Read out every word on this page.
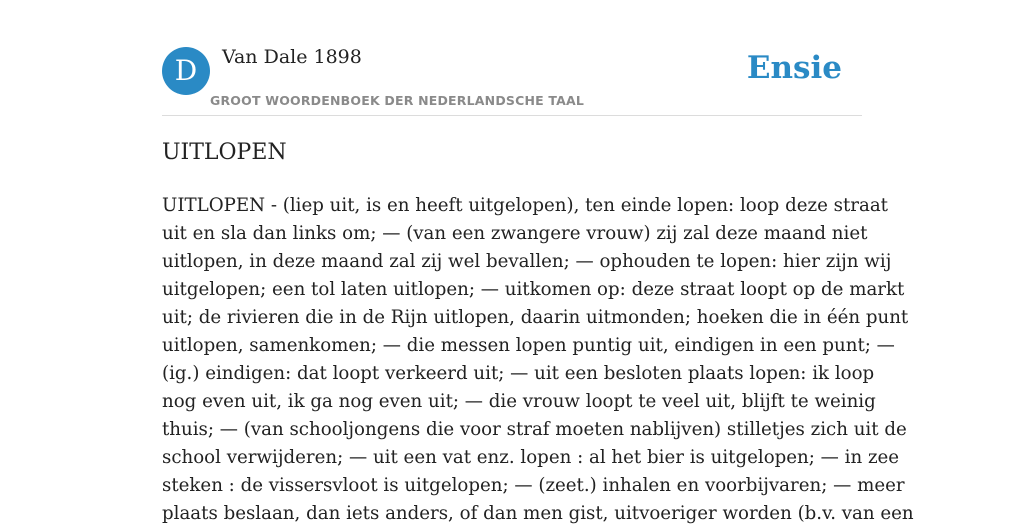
D	Van Dale 1898
GROOT WOORDENBOEK DER NEDERLANDSCHE TAAL
Ensie
UITLOPEN
UITLOPEN - (liep uit, is en heeft uitgelopen), ten einde lopen: loop deze straat
uit en sla dan links om; — (van een zwangere vrouw) zij zal deze maand niet
uitlopen, in deze maand zal zij wel bevallen; — ophouden te lopen: hier zijn wij
uitgelopen; een tol laten uitlopen; — uitkomen op: deze straat loopt op de markt
uit; de rivieren die in de Rijn uitlopen, daarin uitmonden; hoeken die in één punt
uitlopen, samenkomen; — die messen lopen puntig uit, eindigen in een punt; —
(ig.) eindigen: dat loopt verkeerd uit; — uit een besloten plaats lopen: ik loop
nog even uit, ik ga nog even uit; — die vrouw loopt te veel uit, blijft te weinig
thuis; — (van schooljongens die voor straf moeten nablijven) stilletjes zich uit de
school verwijderen; — uit een vat enz. lopen : al het bier is uitgelopen; — in zee
steken : de vissersvloot is uitgelopen; — (zeet.) inhalen en voorbijvaren; — meer
plaats beslaan, dan iets anders, of dan men gist, uitvoeriger worden (b.v. van een
